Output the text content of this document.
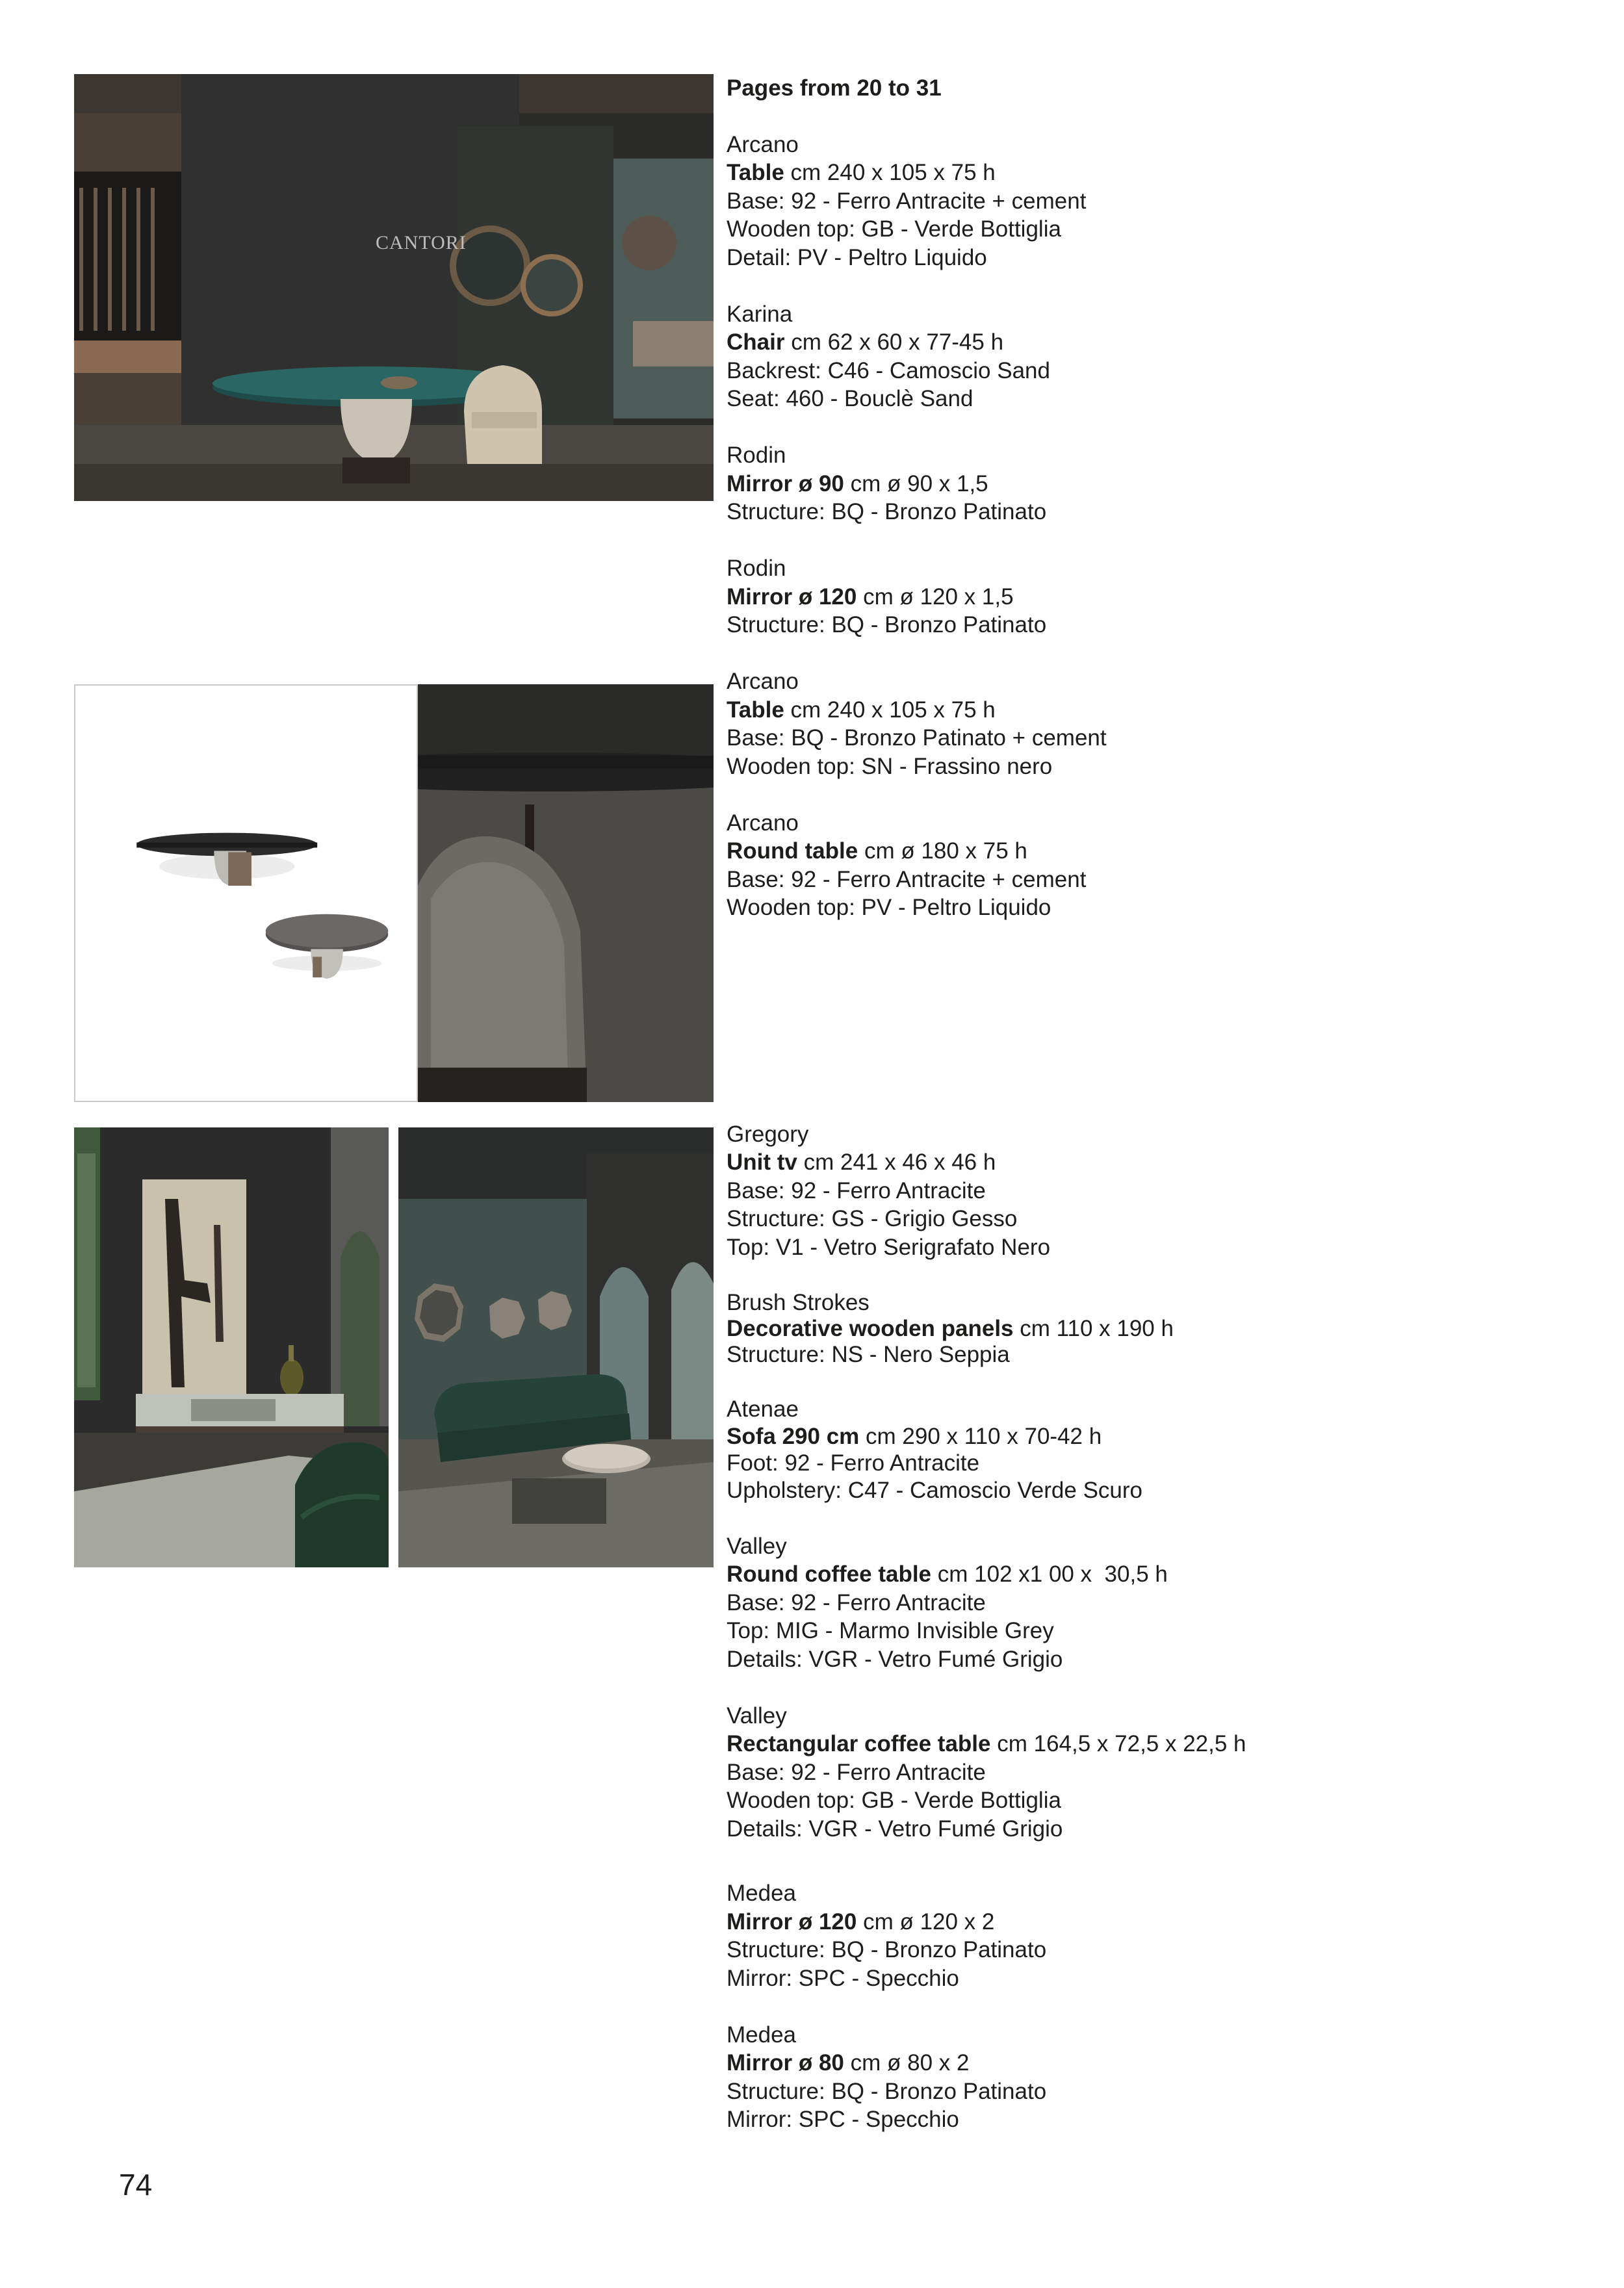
CANTORI

Pages from 20 to 31

Arcano

Table cm 240 x 105 x 75 h

Base: 92 - Ferro Antracite + cement

Wooden top: GB - Verde Bottiglia

Detail: PV - Peltro Liquido

Karina

Chair cm 62 x 60 x 77-45 h

Backrest: C46 - Camoscio Sand

Seat: 460 - Bouclè Sand

Rodin

Mirror ø 90 cm ø 90 x 1,5

Structure: BQ - Bronzo Patinato

Rodin

Mirror ø 120 cm ø 120 x 1,5

Structure: BQ - Bronzo Patinato

Arcano

Table cm 240 x 105 x 75 h

Base: BQ - Bronzo Patinato + cement

Wooden top: SN - Frassino nero

Arcano

Round table cm ø 180 x 75 h

Base: 92 - Ferro Antracite + cement

Wooden top: PV - Peltro Liquido

Gregory

Unit tv cm 241 x 46 x 46 h

Base: 92 - Ferro Antracite

Structure: GS - Grigio Gesso

Top: V1 - Vetro Serigrafato Nero

Brush Strokes

Decorative wooden panels cm 110 x 190 h

Structure: NS - Nero Seppia

Atenae

Sofa 290 cm cm 290 x 110 x 70-42 h

Foot: 92 - Ferro Antracite

Upholstery: C47 - Camoscio Verde Scuro

Valley

Round coffee table cm 102 x1 00 x  30,5 h

Base: 92 - Ferro Antracite

Top: MIG - Marmo Invisible Grey

Details: VGR - Vetro Fumé Grigio

Valley

Rectangular coffee table cm 164,5 x 72,5 x 22,5 h

Base: 92 - Ferro Antracite

Wooden top: GB - Verde Bottiglia

Details: VGR - Vetro Fumé Grigio

Medea

Mirror ø 120 cm ø 120 x 2

Structure: BQ - Bronzo Patinato

Mirror: SPC - Specchio

Medea

Mirror ø 80 cm ø 80 x 2

Structure: BQ - Bronzo Patinato

Mirror: SPC - Specchio

74
